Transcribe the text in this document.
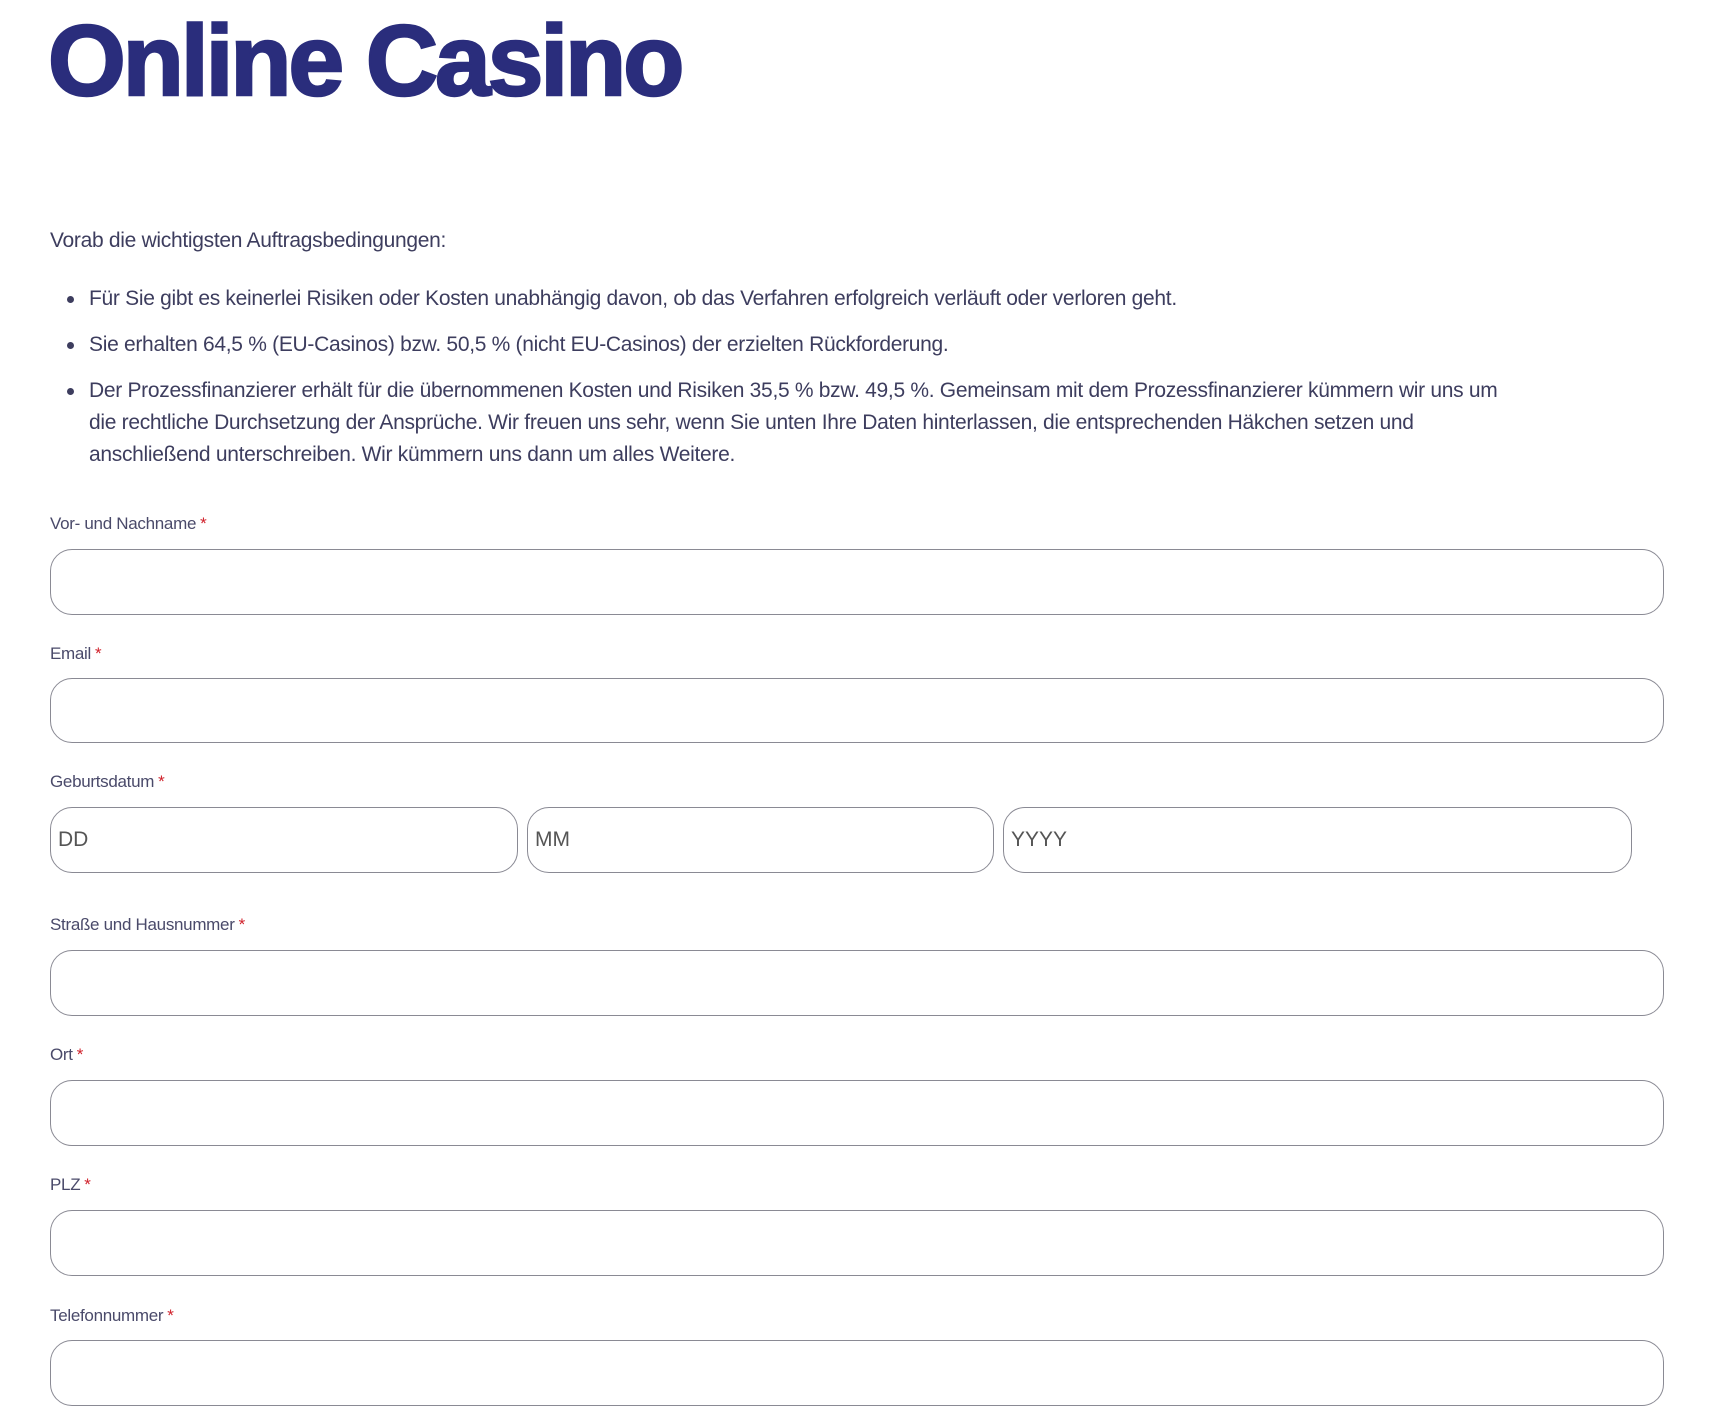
Online Casino

Vorab die wichtigsten Auftragsbedingungen:

Für Sie gibt es keinerlei Risiken oder Kosten unabhängig davon, ob das Verfahren erfolgreich verläuft oder verloren geht.
Sie erhalten 64,5 % (EU-Casinos) bzw. 50,5 % (nicht EU-Casinos) der erzielten Rückforderung.
Der Prozessfinanzierer erhält für die übernommenen Kosten und Risiken 35,5 % bzw. 49,5 %. Gemeinsam mit dem Prozessfinanzierer kümmern wir uns um die rechtliche Durchsetzung der Ansprüche. Wir freuen uns sehr, wenn Sie unten Ihre Daten hinterlassen, die entsprechenden Häkchen setzen und anschließend unterschreiben. Wir kümmern uns dann um alles Weitere.
Vor- und Nachname *
Email *
Geburtsdatum *
DD
MM
YYYY
Straße und Hausnummer *
Ort *
PLZ *
Telefonnummer *
